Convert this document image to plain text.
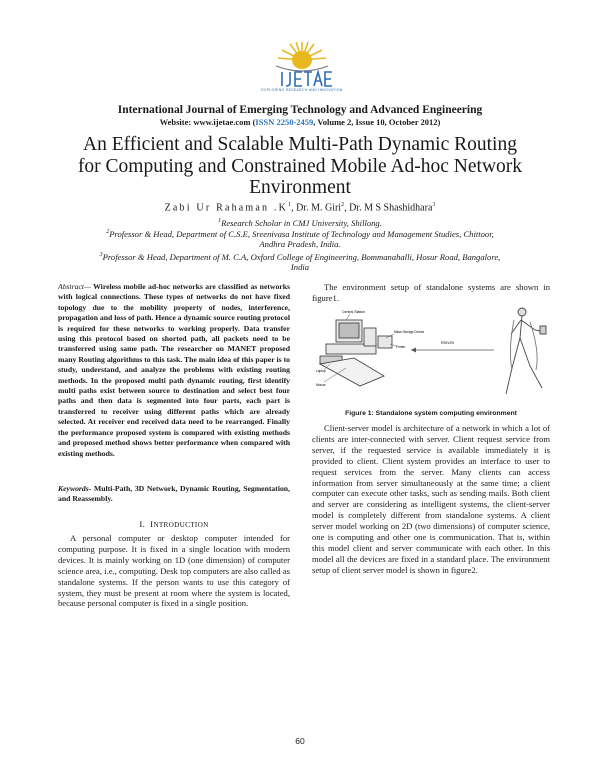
EXPLORING RESEARCH AND INNOVATION
International Journal of Emerging Technology and Advanced Engineering
Website: www.ijetae.com (ISSN 2250-2459, Volume 2, Issue 10, October 2012)
An Efficient and Scalable Multi-Path Dynamic Routing
for Computing and Constrained Mobile Ad-hoc Network
Environment
Zabi Ur Rahaman $.K^1$, Dr. M. Giri$^2$, Dr. M S Shashidhara$^3$
$^1$Research Scholar in CMJ University, Shillong.
$^2$Professor & Head, Department of C.S.E, Sreenivasa Institute of Technology and Management Studies, Chittoor,
Andhra Pradesh, India.
$^3$Professor & Head, Department of M. C.A, Oxford College of Engineering, Bommanahalli, Hosur Road, Bangalore,
India
Abstract— Wireless mobile ad-hoc networks are classified as networks with logical connections. These types of networks do not have fixed topology due to the mobility property of nodes, interference, propagation and loss of path. Hence a dynamic source routing protocol is required for these networks to working properly. Data transfer using this protocol based on shorted path, all packets need to be transferred using same path. The researcher on MANET proposed many Routing algorithms to this task. The main idea of this paper is to study, understand, and analyze the problems with existing routing methods. In the proposed multi path dynamic routing, first identify multi paths exist between source to destination and select best four paths and then data is segmented into four parts, each part is transferred to receiver using different paths which are already selected. At receiver end received data need to be rearranged. Finally the performance proposed system is compared with existing methods and proposed method shows better performance when compared with existing methods.
Keywords- Multi-Path, 3D Network, Dynamic Routing, Segmentation, and Reassembly.
I. INTRODUCTION
A personal computer or desktop computer intended for computing purpose. It is fixed in a single location with modern devices. It is mainly working on 1D (one dimension) of computer science area, i.e., computing. Desk top computers are also called as standalone systems. If the person wants to use this category of system, they must be present at room where the system is located, because personal computer is fixed in a single position.
The environment setup of standalone systems are shown in figure1.
Central Station
Mass Storage Device
Printer
Laptop
Mouse
Moves
Figure 1: Standalone system computing environment
Client-server model is architecture of a network in which a lot of clients are inter-connected with server. Client request service from server, if the requested service is available immediately it is provided to client. Client system provides an interface to user to request services from the server. Many clients can access information from server simultaneously at the same time; a client computer can execute other tasks, such as sending mails. Both client and server are considering as intelligent systems, the client-server model is completely different from standalone systems. A client server model working on 2D (two dimensions) of computer science, one is computing and other one is communication. That is, within this model client and server communicate with each other. In this model all the devices are fixed in a standard place. The environment setup of client server model is shown in figure2.
60
